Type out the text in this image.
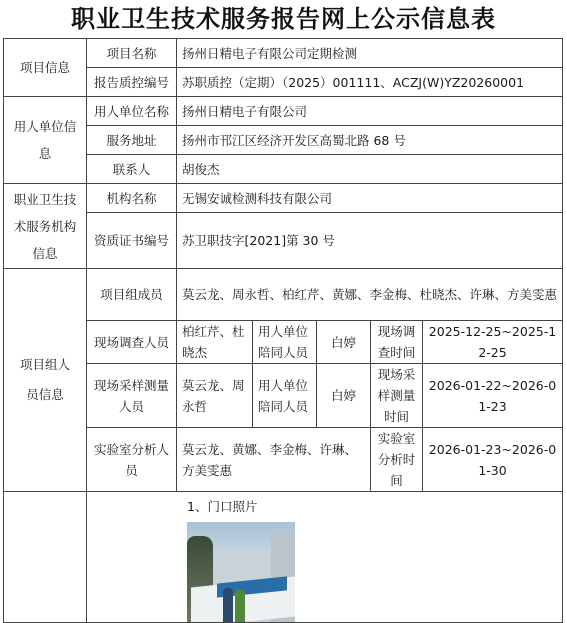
职业卫生技术服务报告网上公示信息表
项目信息	项目名称	扬州日精电子有限公司定期检测				
	报告质控编号	苏职质控（定期）（2025）001111、ACZJ(W)YZ20260001				
用人单位信息	用人单位名称	扬州日精电子有限公司				
	服务地址	扬州市邗江区经济开发区高蜀北路 68 号				
	联系人	胡俊杰				
职业卫生技术服务机构信息	机构名称	无锡安诚检测科技有限公司				
	资质证书编号	苏卫职技字[2021]第 30 号				
项目组人员信息	项目组成员	莫云龙、周永哲、柏红芹、黄娜、李金梅、杜晓杰、许琳、方美雯惠				
	现场调查人员	柏红芹、杜晓杰	用人单位陪同人员	白婷	现场调查时间	2025-12-25~2025-12-25
	现场采样测量人员	莫云龙、周永哲	用人单位陪同人员	白婷	现场采样测量时间	2026-01-22~2026-01-23
	实验室分析人员	莫云龙、黄娜、李金梅、许琳、方美雯惠			实验室分析时间	2026-01-23~2026-01-30

	1、门口照片					
